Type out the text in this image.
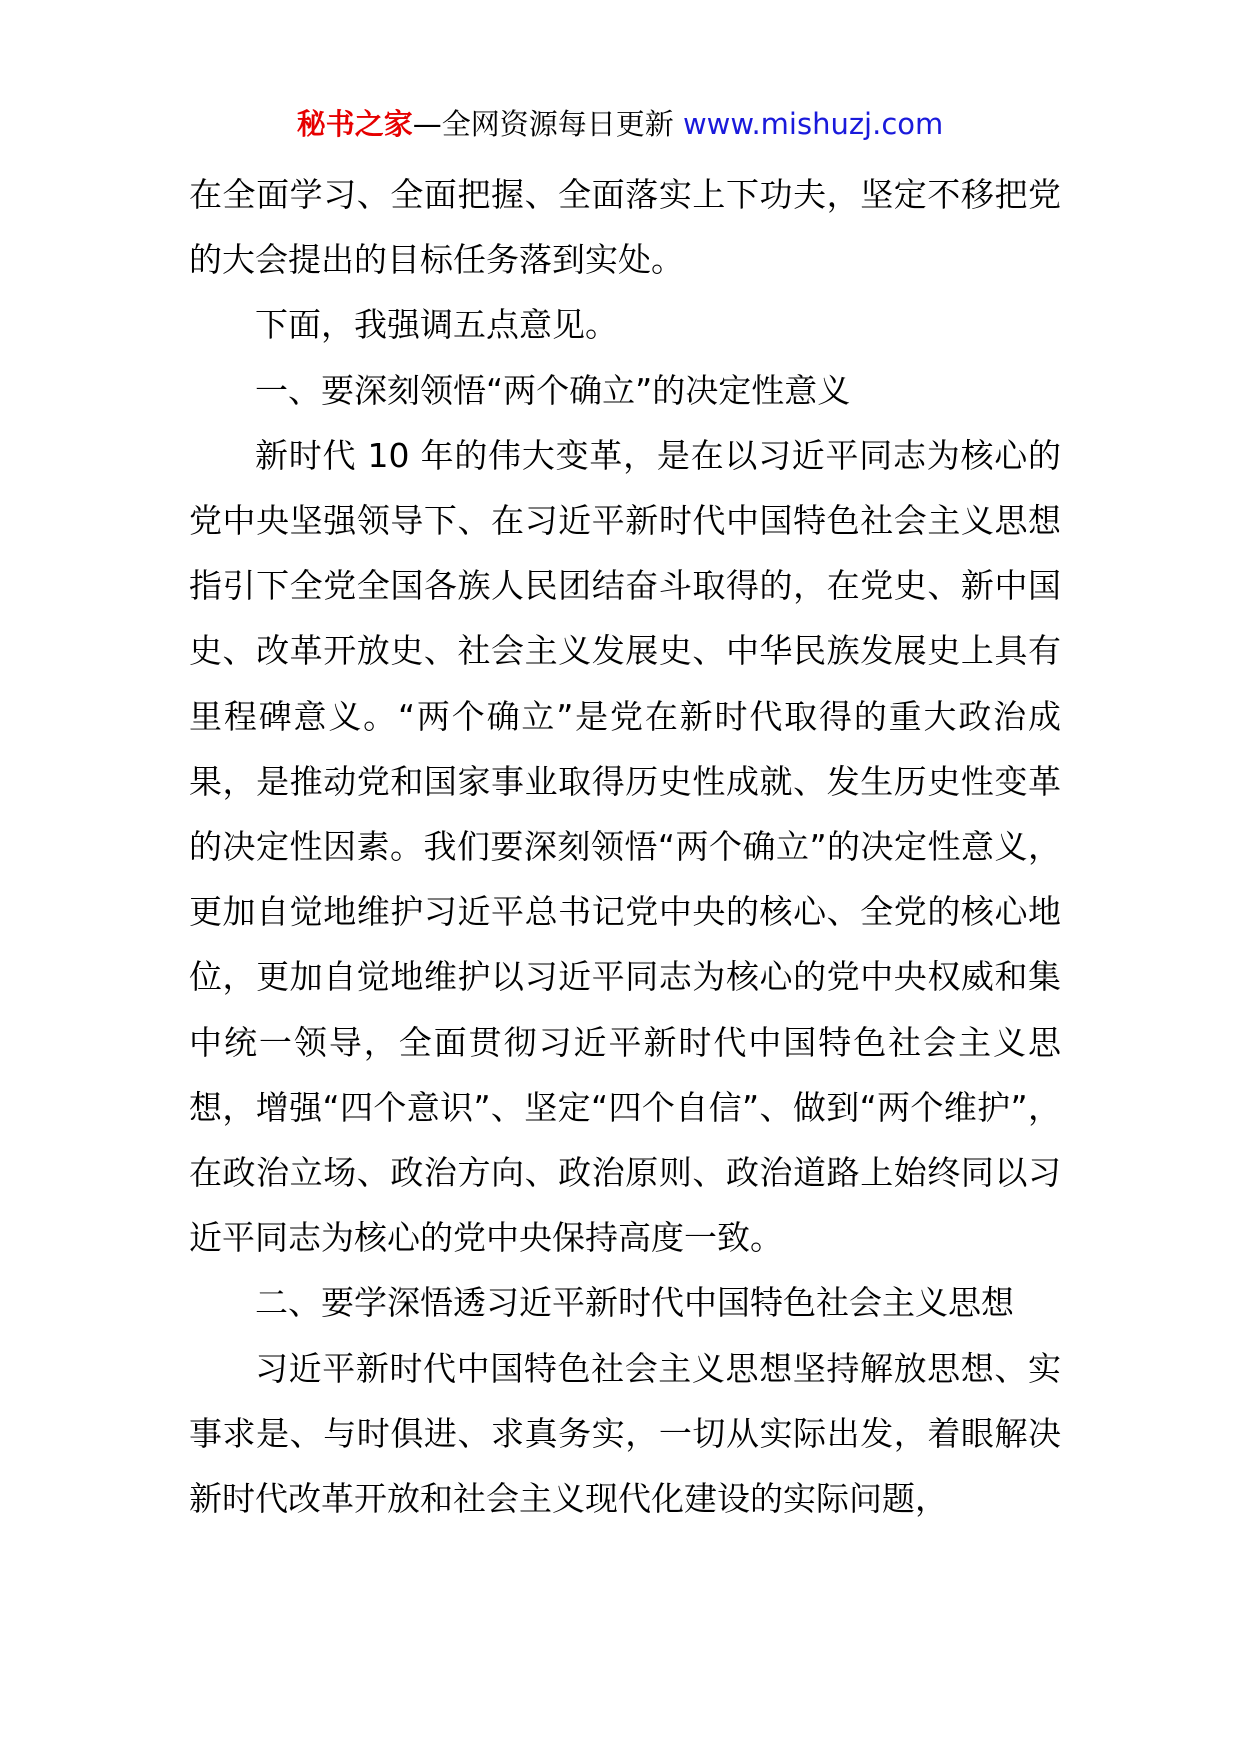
秘书之家—全网资源每日更新 www.mishuzj.com

在全面学习、全面把握、全面落实上下功夫，坚定不移把党的大会提出的目标任务落到实处。

下面，我强调五点意见。

一、要深刻领悟“两个确立”的决定性意义

新时代 10 年的伟大变革，是在以习近平同志为核心的党中央坚强领导下、在习近平新时代中国特色社会主义思想指引下全党全国各族人民团结奋斗取得的，在党史、新中国史、改革开放史、社会主义发展史、中华民族发展史上具有里程碑意义。“两个确立”是党在新时代取得的重大政治成果，是推动党和国家事业取得历史性成就、发生历史性变革的决定性因素。我们要深刻领悟“两个确立”的决定性意义，更加自觉地维护习近平总书记党中央的核心、全党的核心地位，更加自觉地维护以习近平同志为核心的党中央权威和集中统一领导，全面贯彻习近平新时代中国特色社会主义思想，增强“四个意识”、坚定“四个自信”、做到“两个维护”，在政治立场、政治方向、政治原则、政治道路上始终同以习近平同志为核心的党中央保持高度一致。

二、要学深悟透习近平新时代中国特色社会主义思想

习近平新时代中国特色社会主义思想坚持解放思想、实事求是、与时俱进、求真务实，一切从实际出发，着眼解决新时代改革开放和社会主义现代化建设的实际问题，
